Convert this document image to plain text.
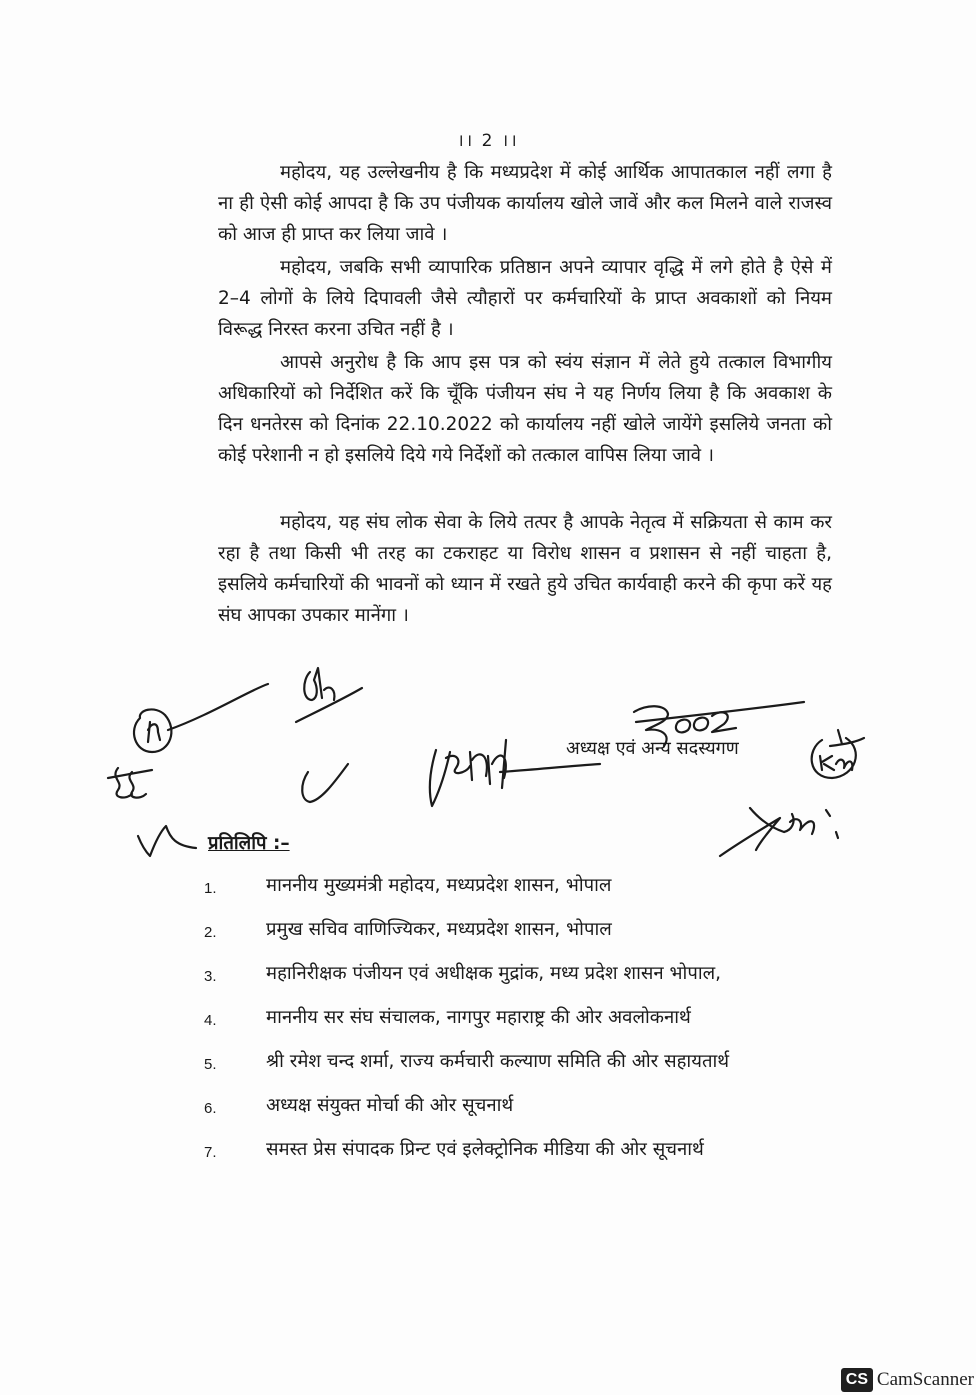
।। 2 ।।

महोदय, यह उल्लेखनीय है कि मध्यप्रदेश में कोई आर्थिक आपातकाल नहीं लगा है ना ही ऐसी कोई आपदा है कि उप पंजीयक कार्यालय खोले जावें और कल मिलने वाले राजस्व को आज ही प्राप्त कर लिया जावे ।

महोदय, जबकि सभी व्यापारिक प्रतिष्ठान अपने व्यापार वृद्धि में लगे होते है ऐसे में 2–4 लोगों के लिये दिपावली जैसे त्यौहारों पर कर्मचारियों के प्राप्त अवकाशों को नियम विरूद्ध निरस्त करना उचित नहीं है ।

आपसे अनुरोध है कि आप इस पत्र को स्वंय संज्ञान में लेते हुये तत्काल विभागीय अधिकारियों को निर्देशित करें कि चूँकि पंजीयन संघ ने यह निर्णय लिया है कि अवकाश के दिन धनतेरस को दिनांक 22.10.2022 को कार्यालय नहीं खोले जायेंगे इसलिये जनता को कोई परेशानी न हो इसलिये दिये गये निर्देशों को तत्काल वापिस लिया जावे ।

महोदय, यह संघ लोक सेवा के लिये तत्पर है आपके नेतृत्व में सक्रियता से काम कर रहा है तथा किसी भी तरह का टकराहट या विरोध शासन व प्रशासन से नहीं चाहता है, इसलिये कर्मचारियों की भावनों को ध्यान में रखते हुये उचित कार्यवाही करने की कृपा करें यह संघ आपका उपकार मानेंगा ।

अध्यक्ष एवं अन्य सदस्यगण
प्रतिलिपि :–
1.	माननीय मुख्यमंत्री महोदय, मध्यप्रदेश शासन, भोपाल
2.	प्रमुख सचिव वाणिज्यिकर, मध्यप्रदेश शासन, भोपाल
3.	महानिरीक्षक पंजीयन एवं अधीक्षक मुद्रांक, मध्य प्रदेश शासन भोपाल,
4.	माननीय सर संघ संचालक, नागपुर महाराष्ट्र की ओर अवलोकनार्थ
5.	श्री रमेश चन्द शर्मा, राज्य कर्मचारी कल्याण समिति की ओर सहायतार्थ
6.	अध्यक्ष संयुक्त मोर्चा की ओर सूचनार्थ
7.	समस्त प्रेस संपादक प्रिन्ट एवं इलेक्ट्रोनिक मीडिया की ओर सूचनार्थ
CS CamScanner
